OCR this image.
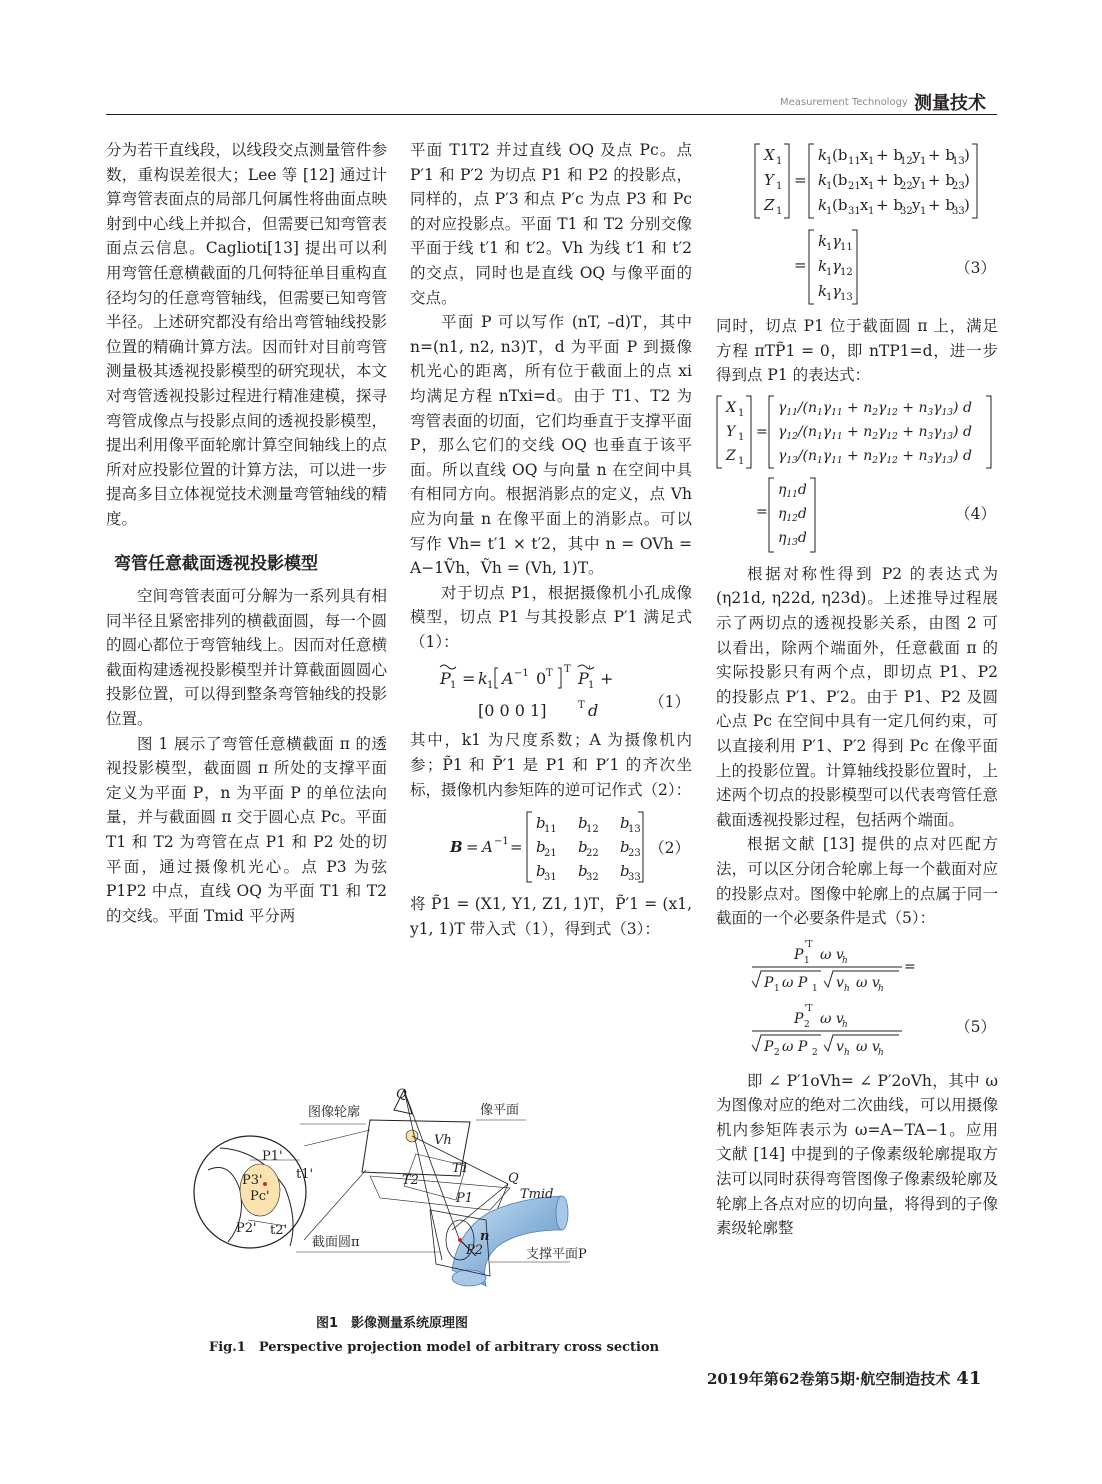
Measurement Technology 测量技术

分为若干直线段，以线段交点测量管件参数，重构误差很大；Lee 等 [12] 通过计算弯管表面点的局部几何属性将曲面点映射到中心线上并拟合，但需要已知弯管表面点云信息。Caglioti[13] 提出可以利用弯管任意横截面的几何特征单目重构直径均匀的任意弯管轴线，但需要已知弯管半径。上述研究都没有给出弯管轴线投影位置的精确计算方法。因而针对目前弯管测量极其透视投影模型的研究现状，本文对弯管透视投影过程进行精准建模，探寻弯管成像点与投影点间的透视投影模型，提出利用像平面轮廓计算空间轴线上的点所对应投影位置的计算方法，可以进一步提高多目立体视觉技术测量弯管轴线的精度。

弯管任意截面透视投影模型

空间弯管表面可分解为一系列具有相同半径且紧密排列的横截面圆，每一个圆的圆心都位于弯管轴线上。因而对任意横截面构建透视投影模型并计算截面圆圆心投影位置，可以得到整条弯管轴线的投影位置。

图 1 展示了弯管任意横截面 π 的透视投影模型，截面圆 π 所处的支撑平面定义为平面 P，n 为平面 P 的单位法向量，并与截面圆 π 交于圆心点 Pc。平面 T1 和 T2 为弯管在点 P1 和 P2 处的切平面，通过摄像机光心。点 P3 为弦 P1P2 中点，直线 OQ 为平面 T1 和 T2 的交线。平面 Tmid 平分两

平面 T1T2 并过直线 OQ 及点 Pc。点 P′1 和 P′2 为切点 P1 和 P2 的投影点，同样的，点 P′3 和点 P′c 为点 P3 和 Pc 的对应投影点。平面 T1 和 T2 分别交像平面于线 t′1 和 t′2。Vh 为线 t′1 和 t′2 的交点，同时也是直线 OQ 与像平面的交点。

平面 P 可以写作 (nT, –d)T，其中 n=(n1, n2, n3)T，d 为平面 P 到摄像机光心的距离，所有位于截面上的点 xi 均满足方程 nTxi=d。由于 T1、T2 为弯管表面的切面，它们均垂直于支撑平面 P，那么它们的交线 OQ 也垂直于该平面。所以直线 OQ 与向量 n 在空间中具有相同方向。根据消影点的定义，点 Vh 应为向量 n 在像平面上的消影点。可以写作 Vh= t′1 × t′2，其中 n = OVh = A−1Ṽh，Ṽh = (Vh, 1)T。

对于切点 P1，根据摄像机小孔成像模型，切点 P1 与其投影点 P′1 满足式（1）：

P 1 = k 1 A −1 0 T T P 1
' +
[0 0 0 1]	T d	（1）

其中，k1 为尺度系数；A 为摄像机内参；P̃1 和 P̃′1 是 P1 和 P′1 的齐次坐标，摄像机内参矩阵的逆可记作式（2）：

B = A −1 =
b
11 b
12 b
13
b
21 b
22 b
23
b
31 b
32 b
33
（2）

将 P̃1 = (X1, Y1, Z1, 1)T，P̃′1 = (x1, y1, 1)T 带入式（1），得到式（3）：

X 1
Y 1
Z 1
=
k
1 (b 11 x 1 + b
12 y 1 + b
13 )
k
1 (b 21 x 1 + b
22 y 1 + b
23 )
k
1 (b 31 x 1 + b
32 y 1 + b
33 )
=
k
1 γ 11
k
1 γ 12
k
1 γ 13
（3）

同时，切点 P1 位于截面圆 π 上，满足方程 πTP̃1 = 0，即 nTP1=d，进一步得到点 P1 的表达式：

X 1
Y 1
Z 1
=
$\gamma_{11}/(n_1\gamma_{11} + n_2\gamma_{12} + n_3\gamma_{13})$ d
$\gamma_{12}/(n_1\gamma_{11} + n_2\gamma_{12} + n_3\gamma_{13})$ d
$\gamma_{13}/(n_1\gamma_{11} + n_2\gamma_{12} + n_3\gamma_{13})$ d
=
$\eta_{11}d$
$\eta_{12}d$
$\eta_{13}d$
（4）

根据对称性得到 P2 的表达式为 (η21d, η22d, η23d)。上述推导过程展示了两切点的透视投影关系，由图 2 可以看出，除两个端面外，任意截面 π 的实际投影只有两个点，即切点 P1、P2 的投影点 P′1、P′2。由于 P1、P2 及圆心点 Pc 在空间中具有一定几何约束，可以直接利用 P′1、P′2 得到 Pc 在像平面上的投影位置。计算轴线投影位置时，上述两个切点的投影模型可以代表弯管任意截面透视投影过程，包括两个端面。

根据文献 [13] 提供的点对匹配方法，可以区分闭合轮廓上每一个截面对应的投影点对。图像中轮廓上的点属于同一截面的一个必要条件是式（5）：

P 1
'T
ω v
h	=
P 1 ω P 1 v h ω v
h
P 2
'T
ω v
h
P 2 ω P 2 v h ω v
h
（5）

即 ∠ P′1oVh= ∠ P′2oVh，其中 ω 为图像对应的绝对二次曲线，可以用摄像机内参矩阵表示为 ω=A−TA−1。应用文献 [14] 中提到的子像素级轮廓提取方法可以同时获得弯管图像子像素级轮廓及轮廓上各点对应的切向量，将得到的子像素级轮廓整

P1'
P3'
Pc'
P2'
t1'
t2'
图像轮廓	像平面
截面圆π
支撑平面P
Q
Q
Vh
T1
T2
Tmid
P1
P2
n
图1　影像测量系统原理图
Fig.1　Perspective projection model of arbitrary cross section
2019年第62卷第5期·航空制造技术 41
